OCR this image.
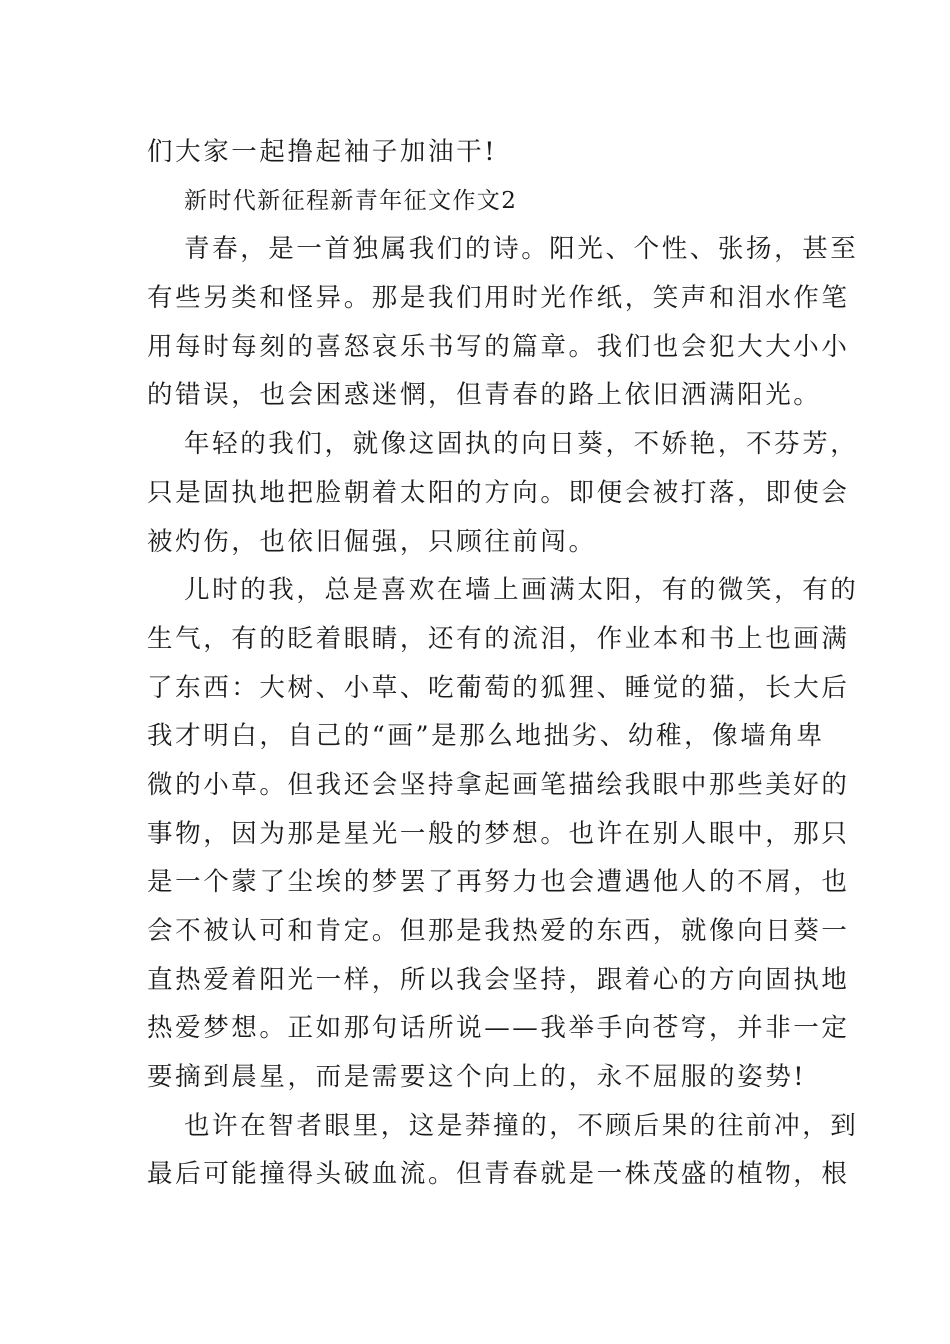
们大家一起撸起袖子加油干!
新时代新征程新青年征文作文2
青春，是一首独属我们的诗。阳光、个性、张扬，甚至
有些另类和怪异。那是我们用时光作纸，笑声和泪水作笔
用每时每刻的喜怒哀乐书写的篇章。我们也会犯大大小小
的错误，也会困惑迷惘，但青春的路上依旧洒满阳光。
年轻的我们，就像这固执的向日葵，不娇艳，不芬芳，
只是固执地把脸朝着太阳的方向。即便会被打落，即使会
被灼伤，也依旧倔强，只顾往前闯。
儿时的我，总是喜欢在墙上画满太阳，有的微笑，有的
生气，有的眨着眼睛，还有的流泪，作业本和书上也画满
了东西：大树、小草、吃葡萄的狐狸、睡觉的猫，长大后
我才明白，自己的“画”是那么地拙劣、幼稚，像墙角卑
微的小草。但我还会坚持拿起画笔描绘我眼中那些美好的
事物，因为那是星光一般的梦想。也许在别人眼中，那只
是一个蒙了尘埃的梦罢了再努力也会遭遇他人的不屑，也
会不被认可和肯定。但那是我热爱的东西，就像向日葵一
直热爱着阳光一样，所以我会坚持，跟着心的方向固执地
热爱梦想。正如那句话所说——我举手向苍穹，并非一定
要摘到晨星，而是需要这个向上的，永不屈服的姿势!
也许在智者眼里，这是莽撞的，不顾后果的往前冲，到
最后可能撞得头破血流。但青春就是一株茂盛的植物，根
